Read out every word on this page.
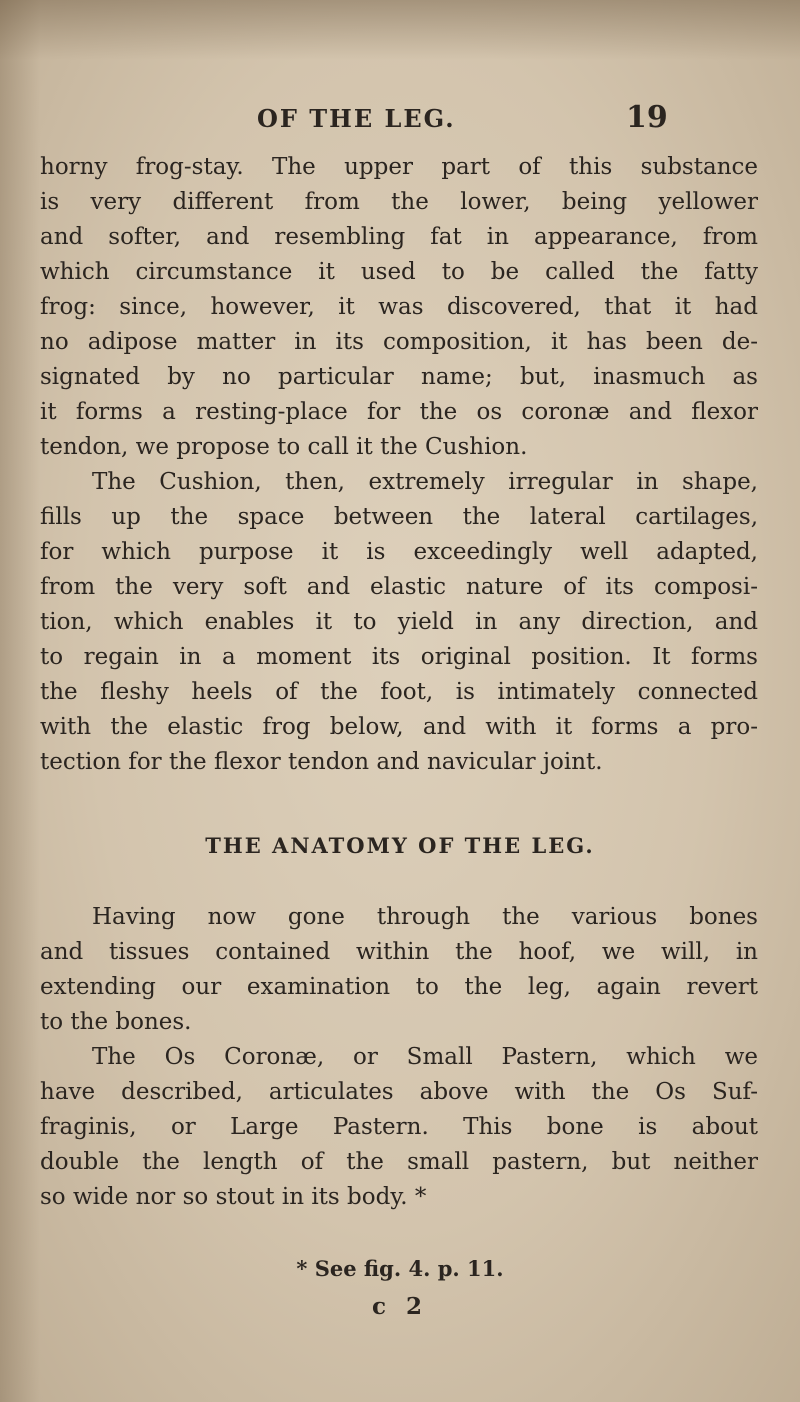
OF THE LEG.	19
horny frog-stay. The upper part of this substance
is very different from the lower, being yellower
and softer, and resembling fat in appearance, from
which circumstance it used to be called the fatty
frog: since, however, it was discovered, that it had
no adipose matter in its composition, it has been de-
signated by no particular name; but, inasmuch as
it forms a resting-place for the os coronæ and flexor
tendon, we propose to call it the Cushion.
The Cushion, then, extremely irregular in shape,
fills up the space between the lateral cartilages,
for which purpose it is exceedingly well adapted,
from the very soft and elastic nature of its composi-
tion, which enables it to yield in any direction, and
to regain in a moment its original position. It forms
the fleshy heels of the foot, is intimately connected
with the elastic frog below, and with it forms a pro-
tection for the flexor tendon and navicular joint.
THE ANATOMY OF THE LEG.
Having now gone through the various bones
and tissues contained within the hoof, we will, in
extending our examination to the leg, again revert
to the bones.
The Os Coronæ, or Small Pastern, which we
have described, articulates above with the Os Suf-
fraginis, or Large Pastern. This bone is about
double the length of the small pastern, but neither
so wide nor so stout in its body. *
* See fig. 4. p. 11.
c 2
